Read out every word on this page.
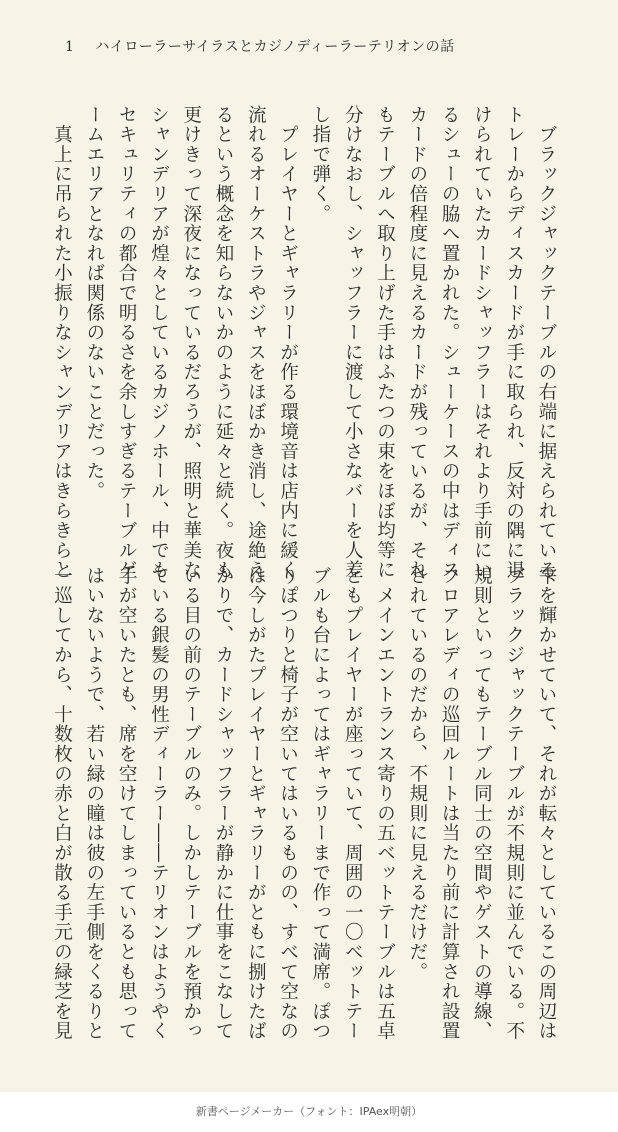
1 ハイローラーサイラスとカジノディーラーテリオンの話
　ブラックジャックテーブルの右端に据えられている
トレーからディスカードが手に取られ、反対の隅に退
けられていたカードシャッフラーはそれより手前にい
るシューの脇へ置かれた。シューケースの中はディス
カードの倍程度に見えるカードが残っているが、それ
もテーブルへ取り上げた手はふたつの束をほぼ均等に
分けなおし、シャッフラーに渡して小さなバーを人差
し指で弾く。
　プレイヤーとギャラリーが作る環境音は店内に緩く
流れるオーケストラやジャスをほぼかき消し、途絶え
るという概念を知らないかのように延々と続く。夜も
更けきって深夜になっているだろうが、照明と華美な
シャンデリアが煌々としているカジノホール、中でも
セキュリティの都合で明るさを余しすぎるテーブルゲ
ームエリアとなれば関係のないことだった。
　真上に吊られた小振りなシャンデリアはきらきらと
雫を輝かせていて、それが転々としているこの周辺は
ブラックジャックテーブルが不規則に並んでいる。不
規則といってもテーブル同士の空間やゲストの導線、
フロアレディの巡回ルートは当たり前に計算され設置
されているのだから、不規則に見えるだけだ。
　メインエントランス寄りの五ベットテーブルは五卓
ともプレイヤーが座っていて、周囲の一〇ベットテー
ブルも台によってはギャラリーまで作って満席。ぽつ
りぽつりと椅子が空いてはいるものの、すべて空なの
は今しがたプレイヤーとギャラリーがともに捌けたば
かりで、カードシャッフラーが静かに仕事をこなして
いる目の前のテーブルのみ。しかしテーブルを預かっ
ている銀髪の男性ディーラー――テリオンはようやく
手が空いたとも、席を空けてしまっているとも思って
はいないようで、若い緑の瞳は彼の左手側をくるりと
一巡してから、十数枚の赤と白が散る手元の緑芝を見
新書ページメーカー（フォント：IPAex明朝）
